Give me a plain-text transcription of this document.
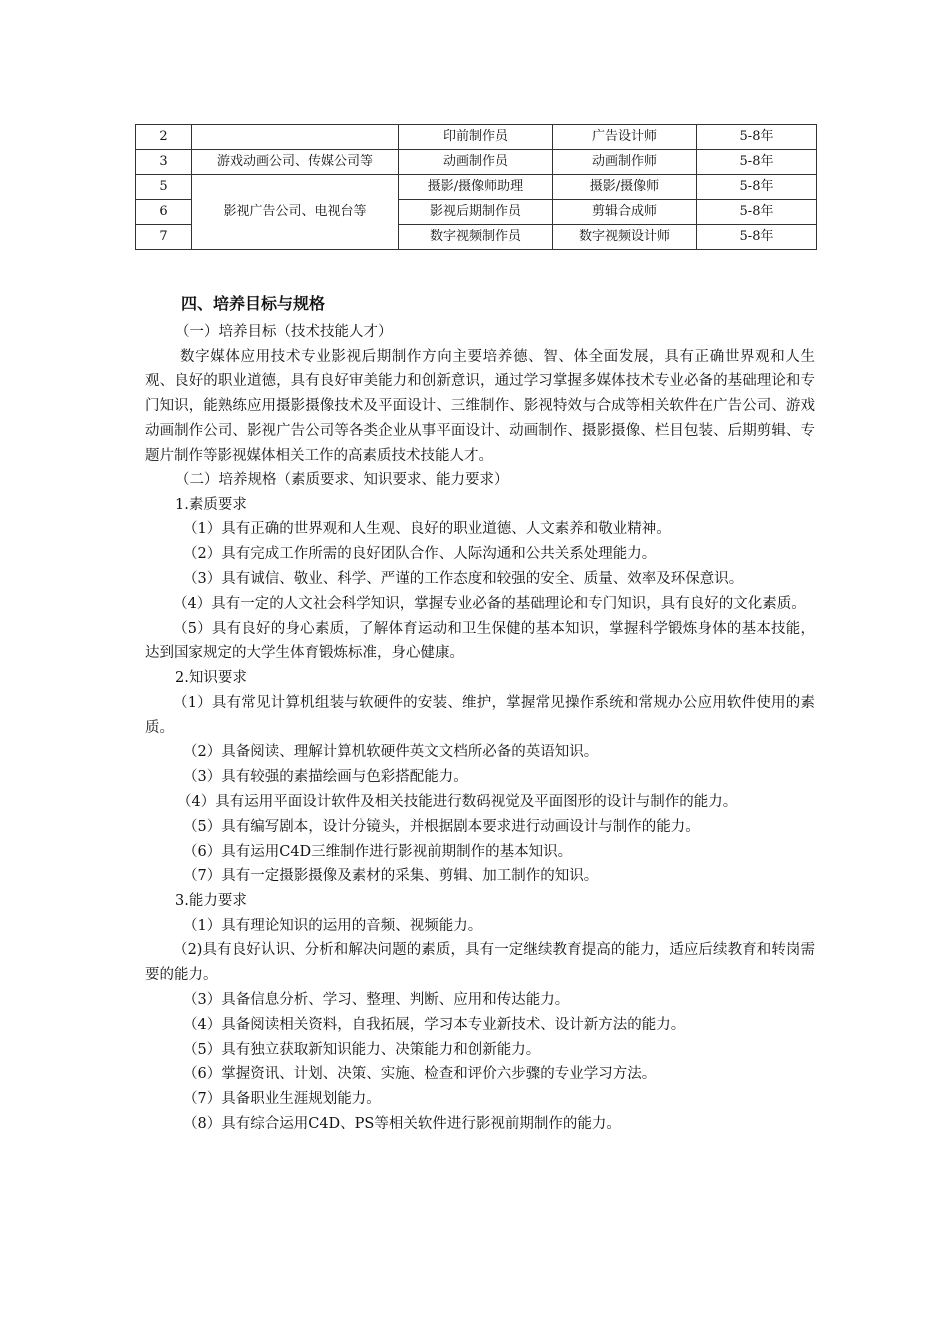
2		印前制作员	广告设计师	5-8年
3	游戏动画公司、传媒公司等	动画制作员	动画制作师	5-8年
5	影视广告公司、电视台等	摄影/摄像师助理	摄影/摄像师	5-8年
6		影视后期制作员	剪辑合成师	5-8年
7		数字视频制作员	数字视频设计师	5-8年
四、培养目标与规格

（一）培养目标（技术技能人才）

数字媒体应用技术专业影视后期制作方向主要培养德、智、体全面发展，具有正确世界观和人生观、良好的职业道德，具有良好审美能力和创新意识，通过学习掌握多媒体技术专业必备的基础理论和专门知识，能熟练应用摄影摄像技术及平面设计、三维制作、影视特效与合成等相关软件在广告公司、游戏动画制作公司、影视广告公司等各类企业从事平面设计、动画制作、摄影摄像、栏目包装、后期剪辑、专题片制作等影视媒体相关工作的高素质技术技能人才。

（二）培养规格（素质要求、知识要求、能力要求）

1.素质要求

（1）具有正确的世界观和人生观、良好的职业道德、人文素养和敬业精神。

（2）具有完成工作所需的良好团队合作、人际沟通和公共关系处理能力。

（3）具有诚信、敬业、科学、严谨的工作态度和较强的安全、质量、效率及环保意识。

（4）具有一定的人文社会科学知识，掌握专业必备的基础理论和专门知识，具有良好的文化素质。

（5）具有良好的身心素质，了解体育运动和卫生保健的基本知识，掌握科学锻炼身体的基本技能，达到国家规定的大学生体育锻炼标准，身心健康。

2.知识要求

（1）具有常见计算机组装与软硬件的安装、维护，掌握常见操作系统和常规办公应用软件使用的素质。

（2）具备阅读、理解计算机软硬件英文文档所必备的英语知识。

（3）具有较强的素描绘画与色彩搭配能力。

（4）具有运用平面设计软件及相关技能进行数码视觉及平面图形的设计与制作的能力。

（5）具有编写剧本，设计分镜头，并根据剧本要求进行动画设计与制作的能力。

（6）具有运用C4D三维制作进行影视前期制作的基本知识。

（7）具有一定摄影摄像及素材的采集、剪辑、加工制作的知识。

3.能力要求

（1）具有理论知识的运用的音频、视频能力。

（2)具有良好认识、分析和解决问题的素质，具有一定继续教育提高的能力，适应后续教育和转岗需要的能力。

（3）具备信息分析、学习、整理、判断、应用和传达能力。

（4）具备阅读相关资料，自我拓展，学习本专业新技术、设计新方法的能力。

（5）具有独立获取新知识能力、决策能力和创新能力。

（6）掌握资讯、计划、决策、实施、检查和评价六步骤的专业学习方法。

（7）具备职业生涯规划能力。

（8）具有综合运用C4D、PS等相关软件进行影视前期制作的能力。
